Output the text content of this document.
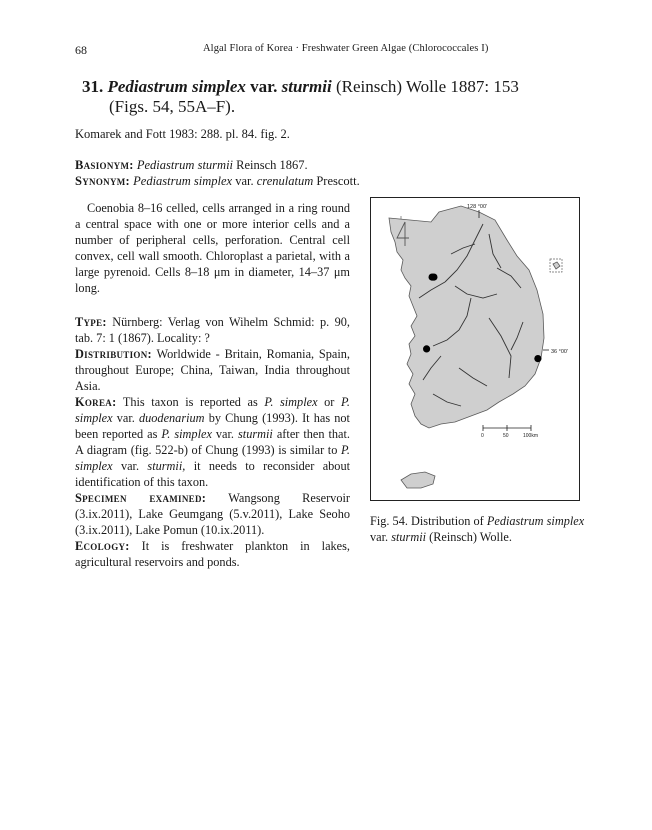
68	Algal Flora of Korea · Freshwater Green Algae (Chlorococcales I)
31. Pediastrum simplex var. sturmii (Reinsch) Wolle 1887: 153
(Figs. 54, 55A–F).
Komarek and Fott 1983: 288. pl. 84. fig. 2.
Basionym: Pediastrum sturmii Reinsch 1867.
Synonym: Pediastrum simplex var. crenulatum Prescott.

Coenobia 8–16 celled, cells arranged in a ring round a central space with one or more interior cells and a number of peripheral cells, perforation. Central cell convex, cell wall smooth. Chloroplast a parietal, with a large pyrenoid. Cells 8–18 μm in diameter, 14–37 μm long.

Type: Nürnberg: Verlag von Wihelm Schmid: p. 90, tab. 7: 1 (1867). Locality: ?

Distribution: Worldwide - Britain, Romania, Spain, throughout Europe; China, Taiwan, India throughout Asia.

Korea: This taxon is reported as P. simplex or P. simplex var. duodenarium by Chung (1993). It has not been reported as P. simplex var. sturmii after then that. A diagram (fig. 522-b) of Chung (1993) is similar to P. simplex var. sturmii, it needs to reconsider about identification of this taxon.

Specimen examined: Wangsong Reservoir (3.ix.2011), Lake Geumgang (5.v.2011), Lake Seoho (3.ix.2011), Lake Pomun (10.ix.2011).

Ecology: It is freshwater plankton in lakes, agricultural reservoirs and ponds.

128 °00'
36 °00'
0	50	100km
Fig. 54. Distribution of Pediastrum simplex var. sturmii (Reinsch) Wolle.
